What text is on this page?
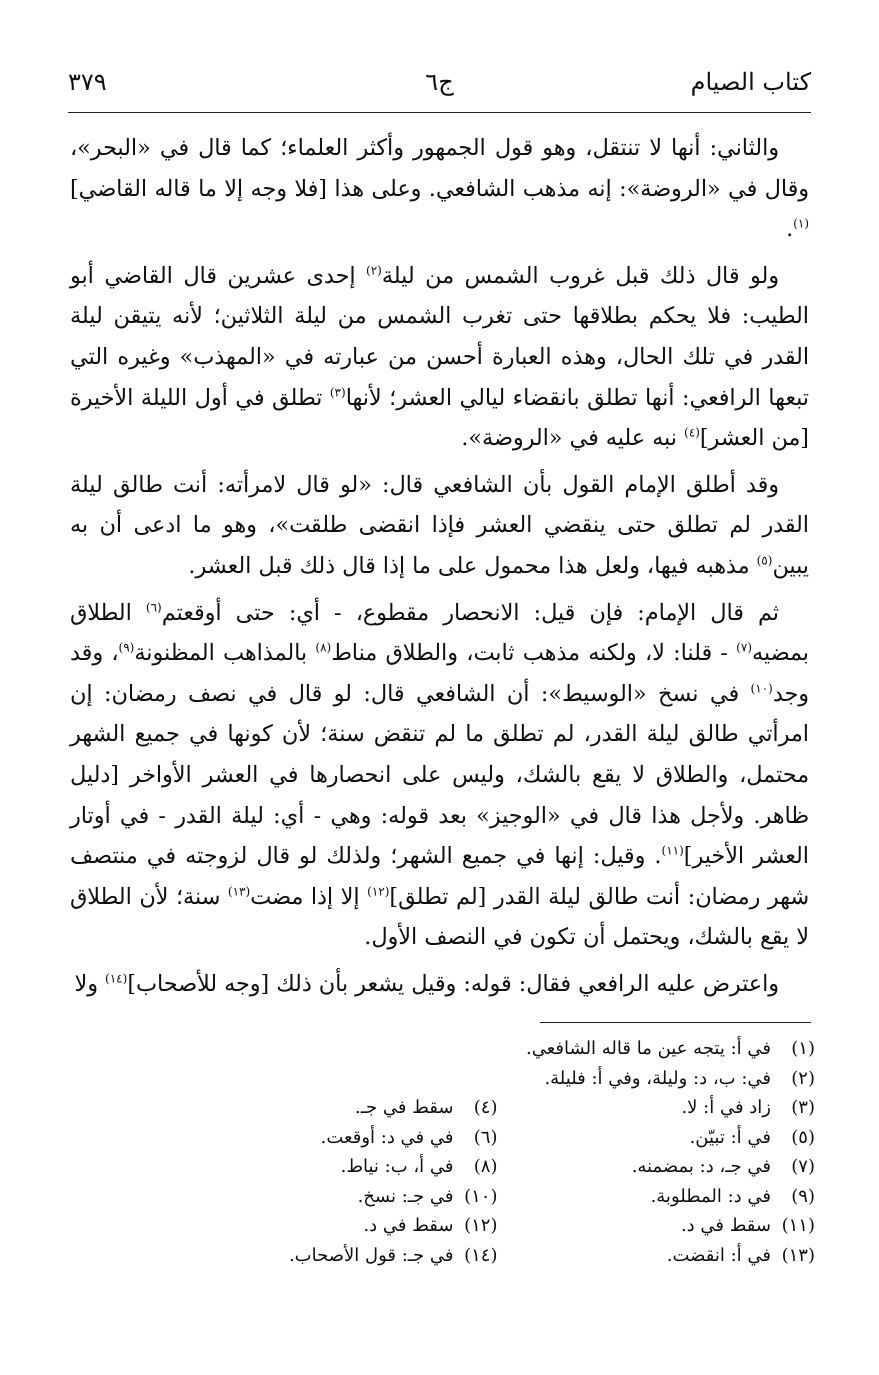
كتاب الصيام
ج٦
٣٧٩

والثاني: أنها لا تنتقل، وهو قول الجمهور وأكثر العلماء؛ كما قال في «البحر»، وقال في «الروضة»: إنه مذهب الشافعي. وعلى هذا [فلا وجه إلا ما قاله القاضي]$^{(١)}$.

ولو قال ذلك قبل غروب الشمس من ليلة$^{(٢)}$ إحدى عشرين قال القاضي أبو الطيب: فلا يحكم بطلاقها حتى تغرب الشمس من ليلة الثلاثين؛ لأنه يتيقن ليلة القدر في تلك الحال، وهذه العبارة أحسن من عبارته في «المهذب» وغيره التي تبعها الرافعي: أنها تطلق بانقضاء ليالي العشر؛ لأنها$^{(٣)}$ تطلق في أول الليلة الأخيرة [من العشر]$^{(٤)}$ نبه عليه في «الروضة».

وقد أطلق الإمام القول بأن الشافعي قال: «لو قال لامرأته: أنت طالق ليلة القدر لم تطلق حتى ينقضي العشر فإذا انقضى طلقت»، وهو ما ادعى أن به يبين$^{(٥)}$ مذهبه فيها، ولعل هذا محمول على ما إذا قال ذلك قبل العشر.

ثم قال الإمام: فإن قيل: الانحصار مقطوع، - أي: حتى أوقعتم$^{(٦)}$ الطلاق بمضيه$^{(٧)}$ - قلنا: لا، ولكنه مذهب ثابت، والطلاق مناط$^{(٨)}$ بالمذاهب المظنونة$^{(٩)}$، وقد وجد$^{(١٠)}$ في نسخ «الوسيط»: أن الشافعي قال: لو قال في نصف رمضان: إن امرأتي طالق ليلة القدر، لم تطلق ما لم تنقض سنة؛ لأن كونها في جميع الشهر محتمل، والطلاق لا يقع بالشك، وليس على انحصارها في العشر الأواخر [دليل ظاهر. ولأجل هذا قال في «الوجيز» بعد قوله: وهي - أي: ليلة القدر - في أوتار العشر الأخير]$^{(١١)}$. وقيل: إنها في جميع الشهر؛ ولذلك لو قال لزوجته في منتصف شهر رمضان: أنت طالق ليلة القدر [لم تطلق]$^{(١٢)}$ إلا إذا مضت$^{(١٣)}$ سنة؛ لأن الطلاق لا يقع بالشك، ويحتمل أن تكون في النصف الأول.

واعترض عليه الرافعي فقال: قوله: وقيل يشعر بأن ذلك [وجه للأصحاب]$^{(١٤)}$ ولا

(١)في أ: يتجه عين ما قاله الشافعي.
(٢)في: ب، د: وليلة، وفي أ: فليلة.
(٣)زاد في أ: لا.
(٥)في أ: تبيّن.
(٧)في جـ، د: بمضمنه.
(٩)في د: المطلوبة.
(١١)سقط في د.
(١٣)في أ: انقضت.
(٤)سقط في جـ.
(٦)في في د: أوقعت.
(٨)في أ، ب: نياط.
(١٠)في جـ: نسخ.
(١٢)سقط في د.
(١٤)في جـ: قول الأصحاب.
